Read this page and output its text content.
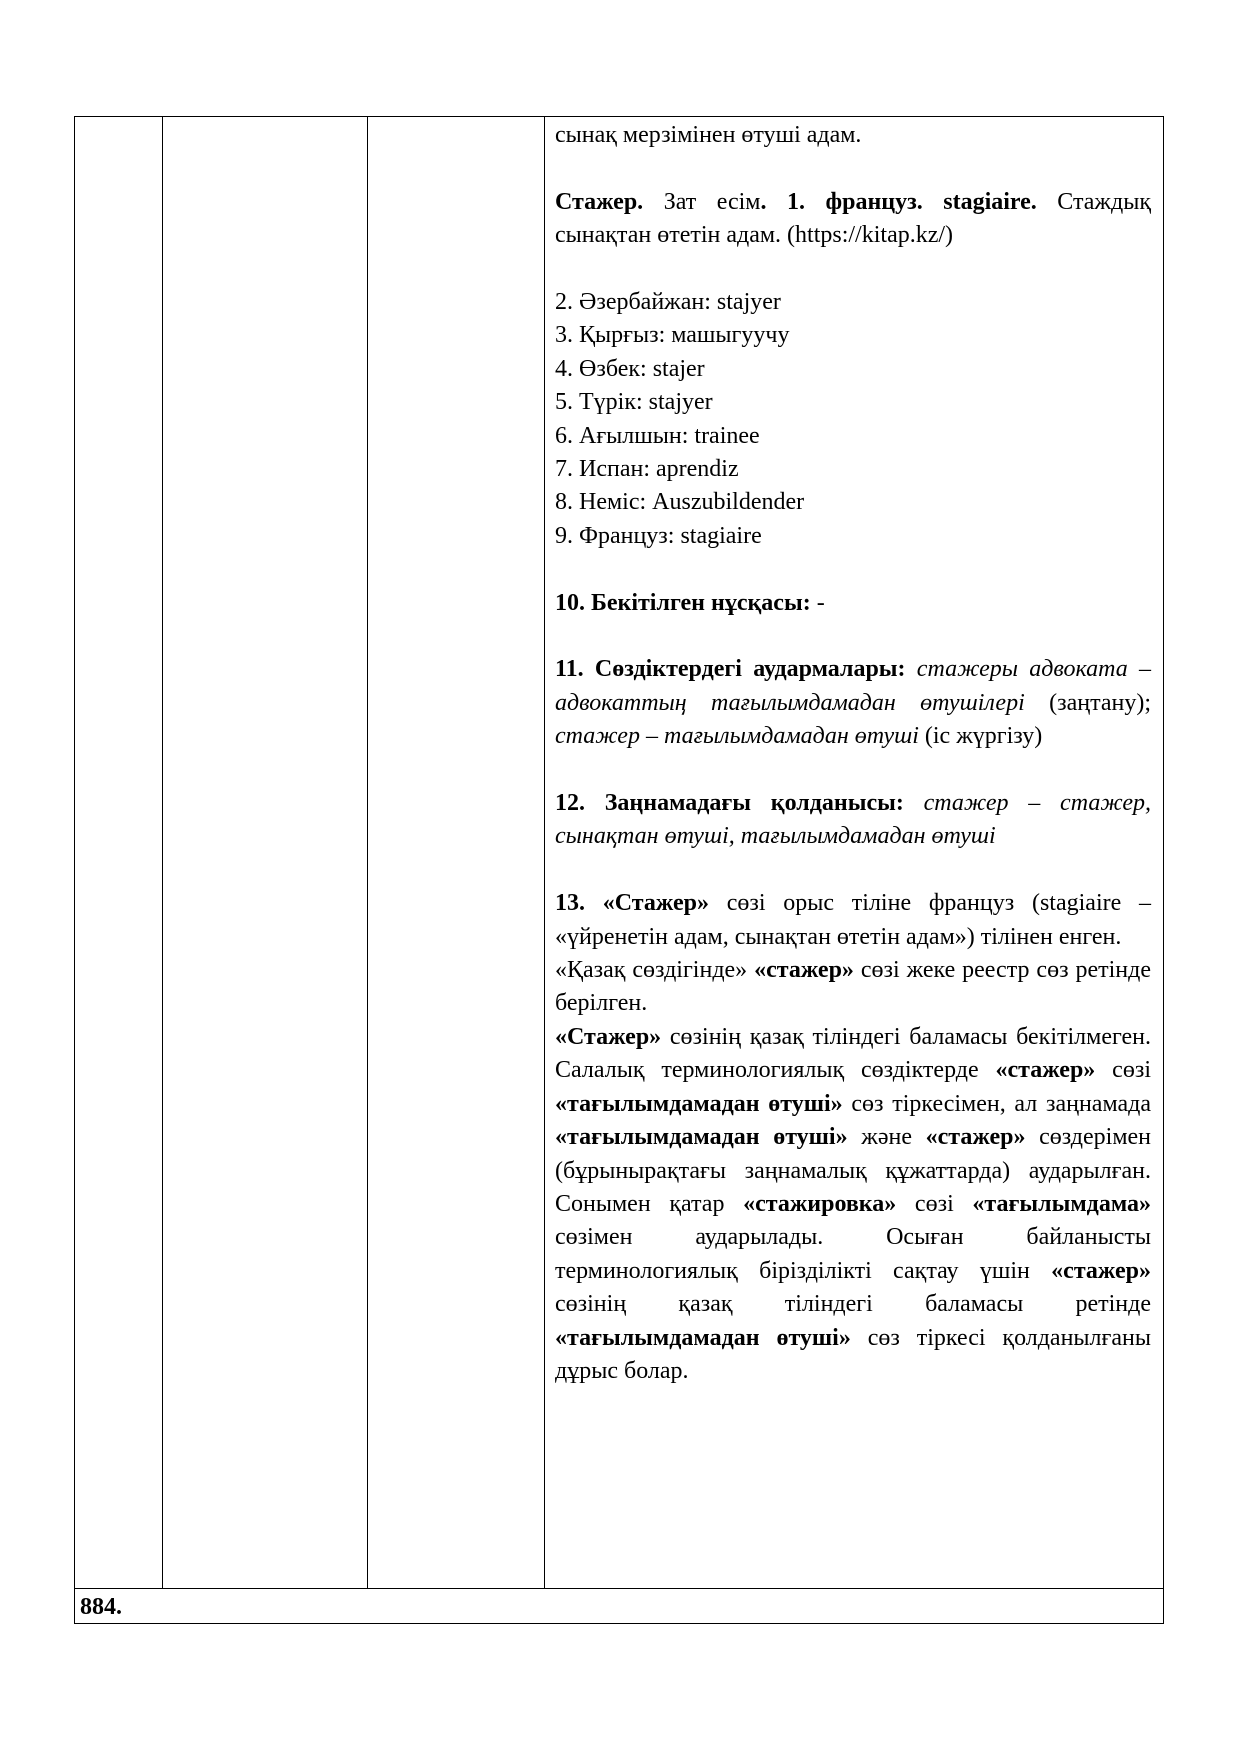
сынақ мерзімінен өтуші адам.

Стажер. Зат есім. 1. француз. stagiaire. Стаждық сынақтан өтетін адам. (https://kitap.kz/)

2. Әзербайжан: stajyer
3. Қырғыз: машыгуучу
4. Өзбек: stajer
5. Түрік: stajyer
6. Ағылшын: trainee
7. Испан: aprendiz
8. Неміс: Auszubildender
9. Француз: stagiaire

10. Бекітілген нұсқасы: -

11. Сөздіктердегі аудармалары: стажеры адвоката – адвокаттың тағылымдамадан өтушілері (заңтану); стажер – тағылымдамадан өтуші (іс жүргізу)

12. Заңнамадағы қолданысы: стажер – стажер, сынақтан өтуші, тағылымдамадан өтуші

13. «Стажер» сөзі орыс тіліне француз (stagiaire – «үйренетін адам, сынақтан өтетін адам») тілінен енген.

«Қазақ сөздігінде» «стажер» сөзі жеке реестр сөз ретінде берілген.

«Стажер» сөзінің қазақ тіліндегі баламасы бекітілмеген. Салалық терминологиялық сөздіктерде «стажер» сөзі «тағылымдамадан өтуші» сөз тіркесімен, ал заңнамада «тағылымдамадан өтуші» және «стажер» сөздерімен (бұрынырақтағы заңнамалық құжаттарда) аударылған. Сонымен қатар «стажировка» сөзі «тағылымдама» сөзімен аударылады. Осыған байланысты терминологиялық бірізділікті сақтау үшін «стажер» сөзінің қазақ тіліндегі баламасы ретінде «тағылымдамадан өтуші» сөз тіркесі қолданылғаны дұрыс болар.

884.
